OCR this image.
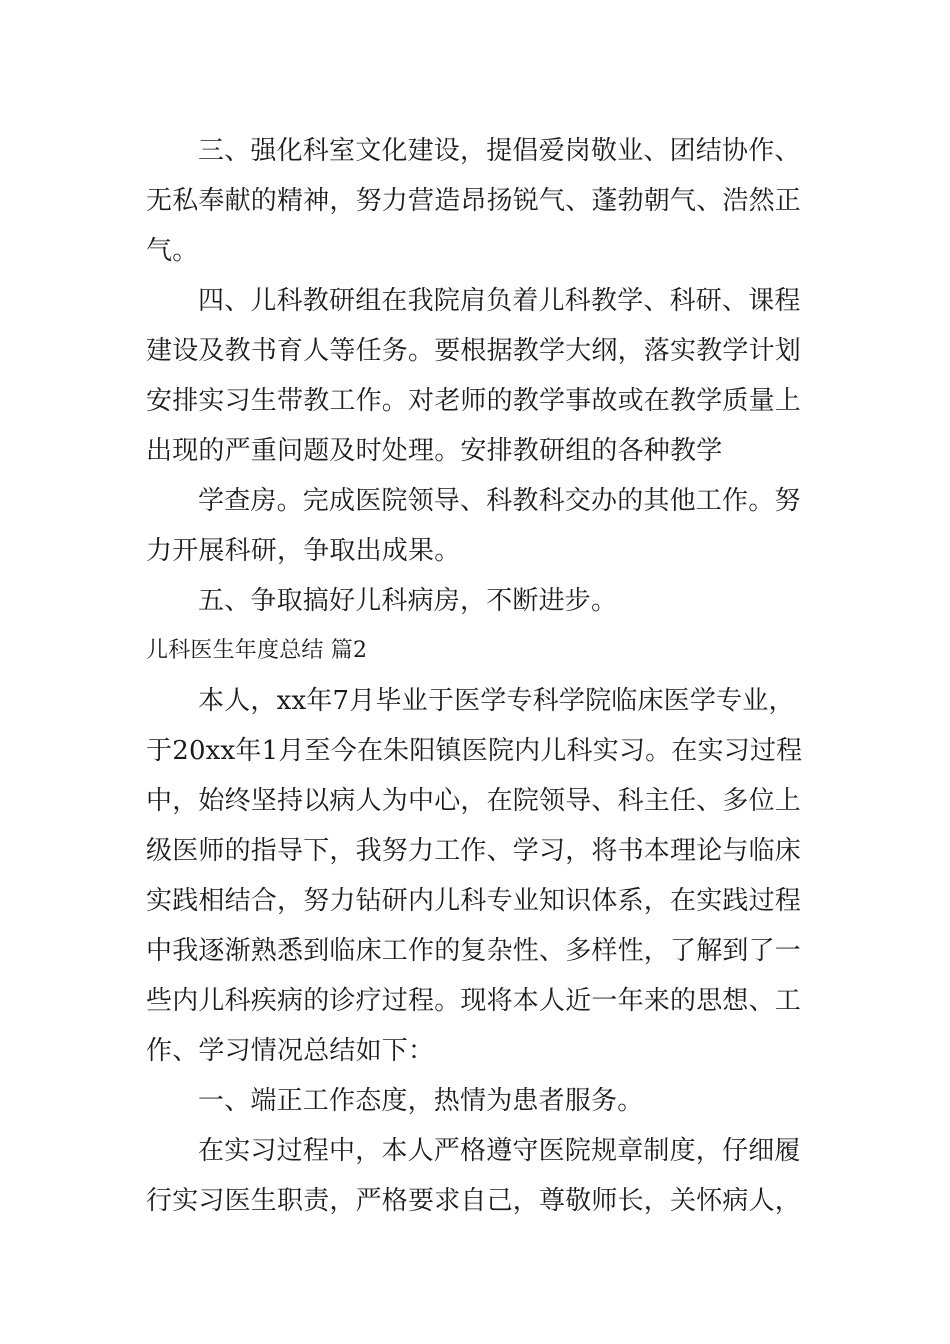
三、强化科室文化建设，提倡爱岗敬业、团结协作、
无私奉献的精神，努力营造昂扬锐气、蓬勃朝气、浩然正
气。
四、儿科教研组在我院肩负着儿科教学、科研、课程
建设及教书育人等任务。要根据教学大纲，落实教学计划
安排实习生带教工作。对老师的教学事故或在教学质量上
出现的严重问题及时处理。安排教研组的各种教学
学查房。完成医院领导、科教科交办的其他工作。努
力开展科研，争取出成果。
五、争取搞好儿科病房，不断进步。
儿科医生年度总结 篇2
本人，xx年7月毕业于医学专科学院临床医学专业，
于20xx年1月至今在朱阳镇医院内儿科实习。在实习过程
中，始终坚持以病人为中心，在院领导、科主任、多位上
级医师的指导下，我努力工作、学习，将书本理论与临床
实践相结合，努力钻研内儿科专业知识体系，在实践过程
中我逐渐熟悉到临床工作的复杂性、多样性，了解到了一
些内儿科疾病的诊疗过程。现将本人近一年来的思想、工
作、学习情况总结如下：
一、端正工作态度，热情为患者服务。
在实习过程中，本人严格遵守医院规章制度，仔细履
行实习医生职责，严格要求自己，尊敬师长，关怀病人，
